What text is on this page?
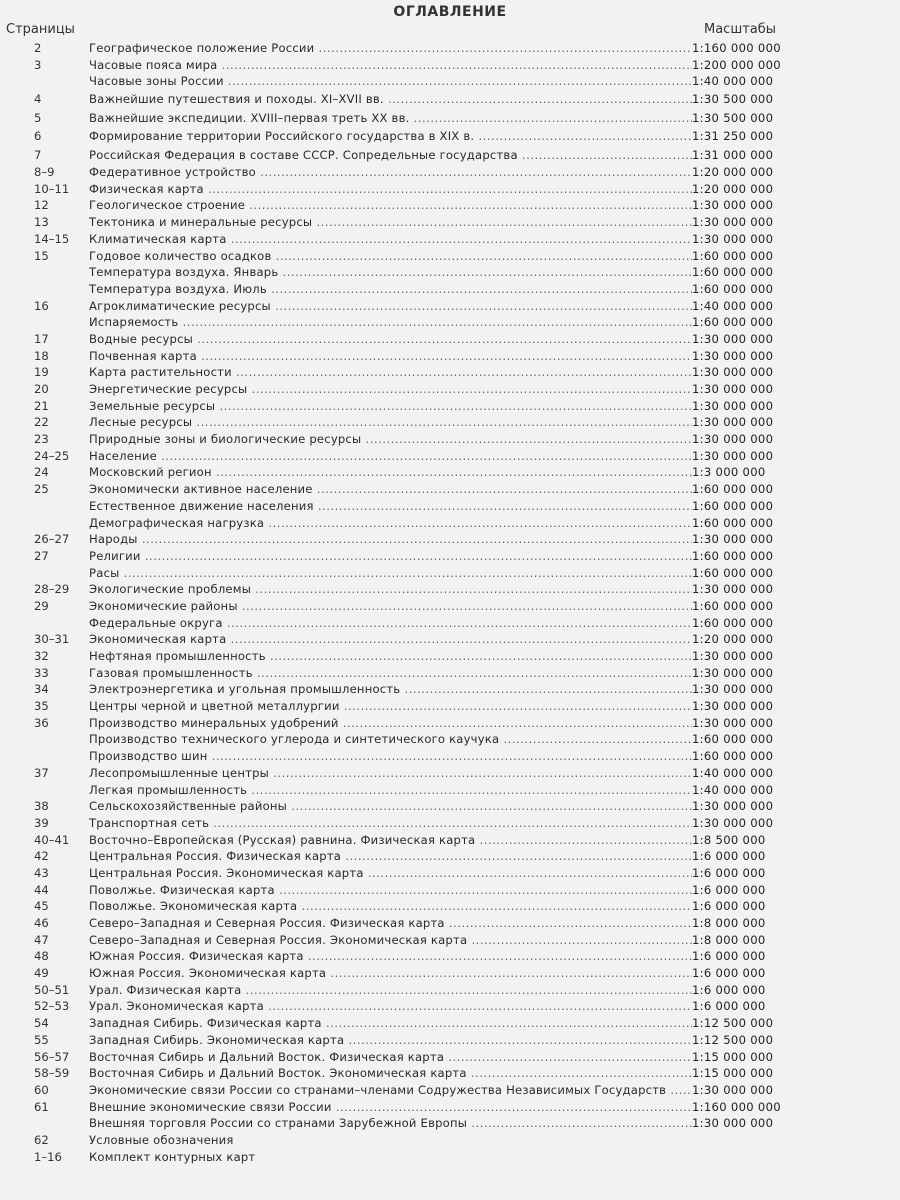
ОГЛАВЛЕНИЕ
Страницы	Масштабы
2	Географическое положение России .....	1:160 000 000
3	Часовые пояса мира .....	1:200 000 000
Часовые зоны России .....	1:40 000 000
4	Важнейшие путешествия и походы. XI–XVII вв. .....	1:30 500 000
5	Важнейшие экспедиции. XVIII–первая треть XX вв. .....	1:30 500 000
6	Формирование территории Российского государства в XIX в. .....	1:31 250 000
7	Российская Федерация в составе СССР. Сопредельные государства .....	1:31 000 000
8–9	Федеративное устройство .....	1:20 000 000
10–11	Физическая карта .....	1:20 000 000
12	Геологическое строение .....	1:30 000 000
13	Тектоника и минеральные ресурсы .....	1:30 000 000
14–15	Климатическая карта .....	1:30 000 000
15	Годовое количество осадков .....	1:60 000 000
Температура воздуха. Январь .....	1:60 000 000
Температура воздуха. Июль .....	1:60 000 000
16	Агроклиматические ресурсы .....	1:40 000 000
Испаряемость .....	1:60 000 000
17	Водные ресурсы .....	1:30 000 000
18	Почвенная карта .....	1:30 000 000
19	Карта растительности .....	1:30 000 000
20	Энергетические ресурсы .....	1:30 000 000
21	Земельные ресурсы .....	1:30 000 000
22	Лесные ресурсы .....	1:30 000 000
23	Природные зоны и биологические ресурсы .....	1:30 000 000
24–25	Население .....	1:30 000 000
24	Московский регион .....	1:3 000 000
25	Экономически активное население .....	1:60 000 000
Естественное движение населения .....	1:60 000 000
Демографическая нагрузка .....	1:60 000 000
26–27	Народы .....	1:30 000 000
27	Религии .....	1:60 000 000
Расы .....	1:60 000 000
28–29	Экологические проблемы .....	1:30 000 000
29	Экономические районы .....	1:60 000 000
Федеральные округа .....	1:60 000 000
30–31	Экономическая карта .....	1:20 000 000
32	Нефтяная промышленность .....	1:30 000 000
33	Газовая промышленность .....	1:30 000 000
34	Электроэнергетика и угольная промышленность .....	1:30 000 000
35	Центры черной и цветной металлургии .....	1:30 000 000
36	Производство минеральных удобрений .....	1:30 000 000
Производство технического углерода и синтетического каучука .....	1:60 000 000
Производство шин .....	1:60 000 000
37	Лесопромышленные центры .....	1:40 000 000
Легкая промышленность .....	1:40 000 000
38	Сельскохозяйственные районы .....	1:30 000 000
39	Транспортная сеть .....	1:30 000 000
40–41	Восточно–Европейская (Русская) равнина. Физическая карта .....	1:8 500 000
42	Центральная Россия. Физическая карта .....	1:6 000 000
43	Центральная Россия. Экономическая карта .....	1:6 000 000
44	Поволжье. Физическая карта .....	1:6 000 000
45	Поволжье. Экономическая карта .....	1:6 000 000
46	Северо–Западная и Северная Россия. Физическая карта .....	1:8 000 000
47	Северо–Западная и Северная Россия. Экономическая карта .....	1:8 000 000
48	Южная Россия. Физическая карта .....	1:6 000 000
49	Южная Россия. Экономическая карта .....	1:6 000 000
50–51	Урал. Физическая карта .....	1:6 000 000
52–53	Урал. Экономическая карта .....	1:6 000 000
54	Западная Сибирь. Физическая карта .....	1:12 500 000
55	Западная Сибирь. Экономическая карта .....	1:12 500 000
56–57	Восточная Сибирь и Дальний Восток. Физическая карта .....	1:15 000 000
58–59	Восточная Сибирь и Дальний Восток. Экономическая карта .....	1:15 000 000
60	Экономические связи России со странами–членами Содружества Независимых Государств .....	1:30 000 000
61	Внешние экономические связи России .....	1:160 000 000
Внешняя торговля России со странами Зарубежной Европы .....	1:30 000 000
62	Условные обозначения
1–16	Комплект контурных карт
